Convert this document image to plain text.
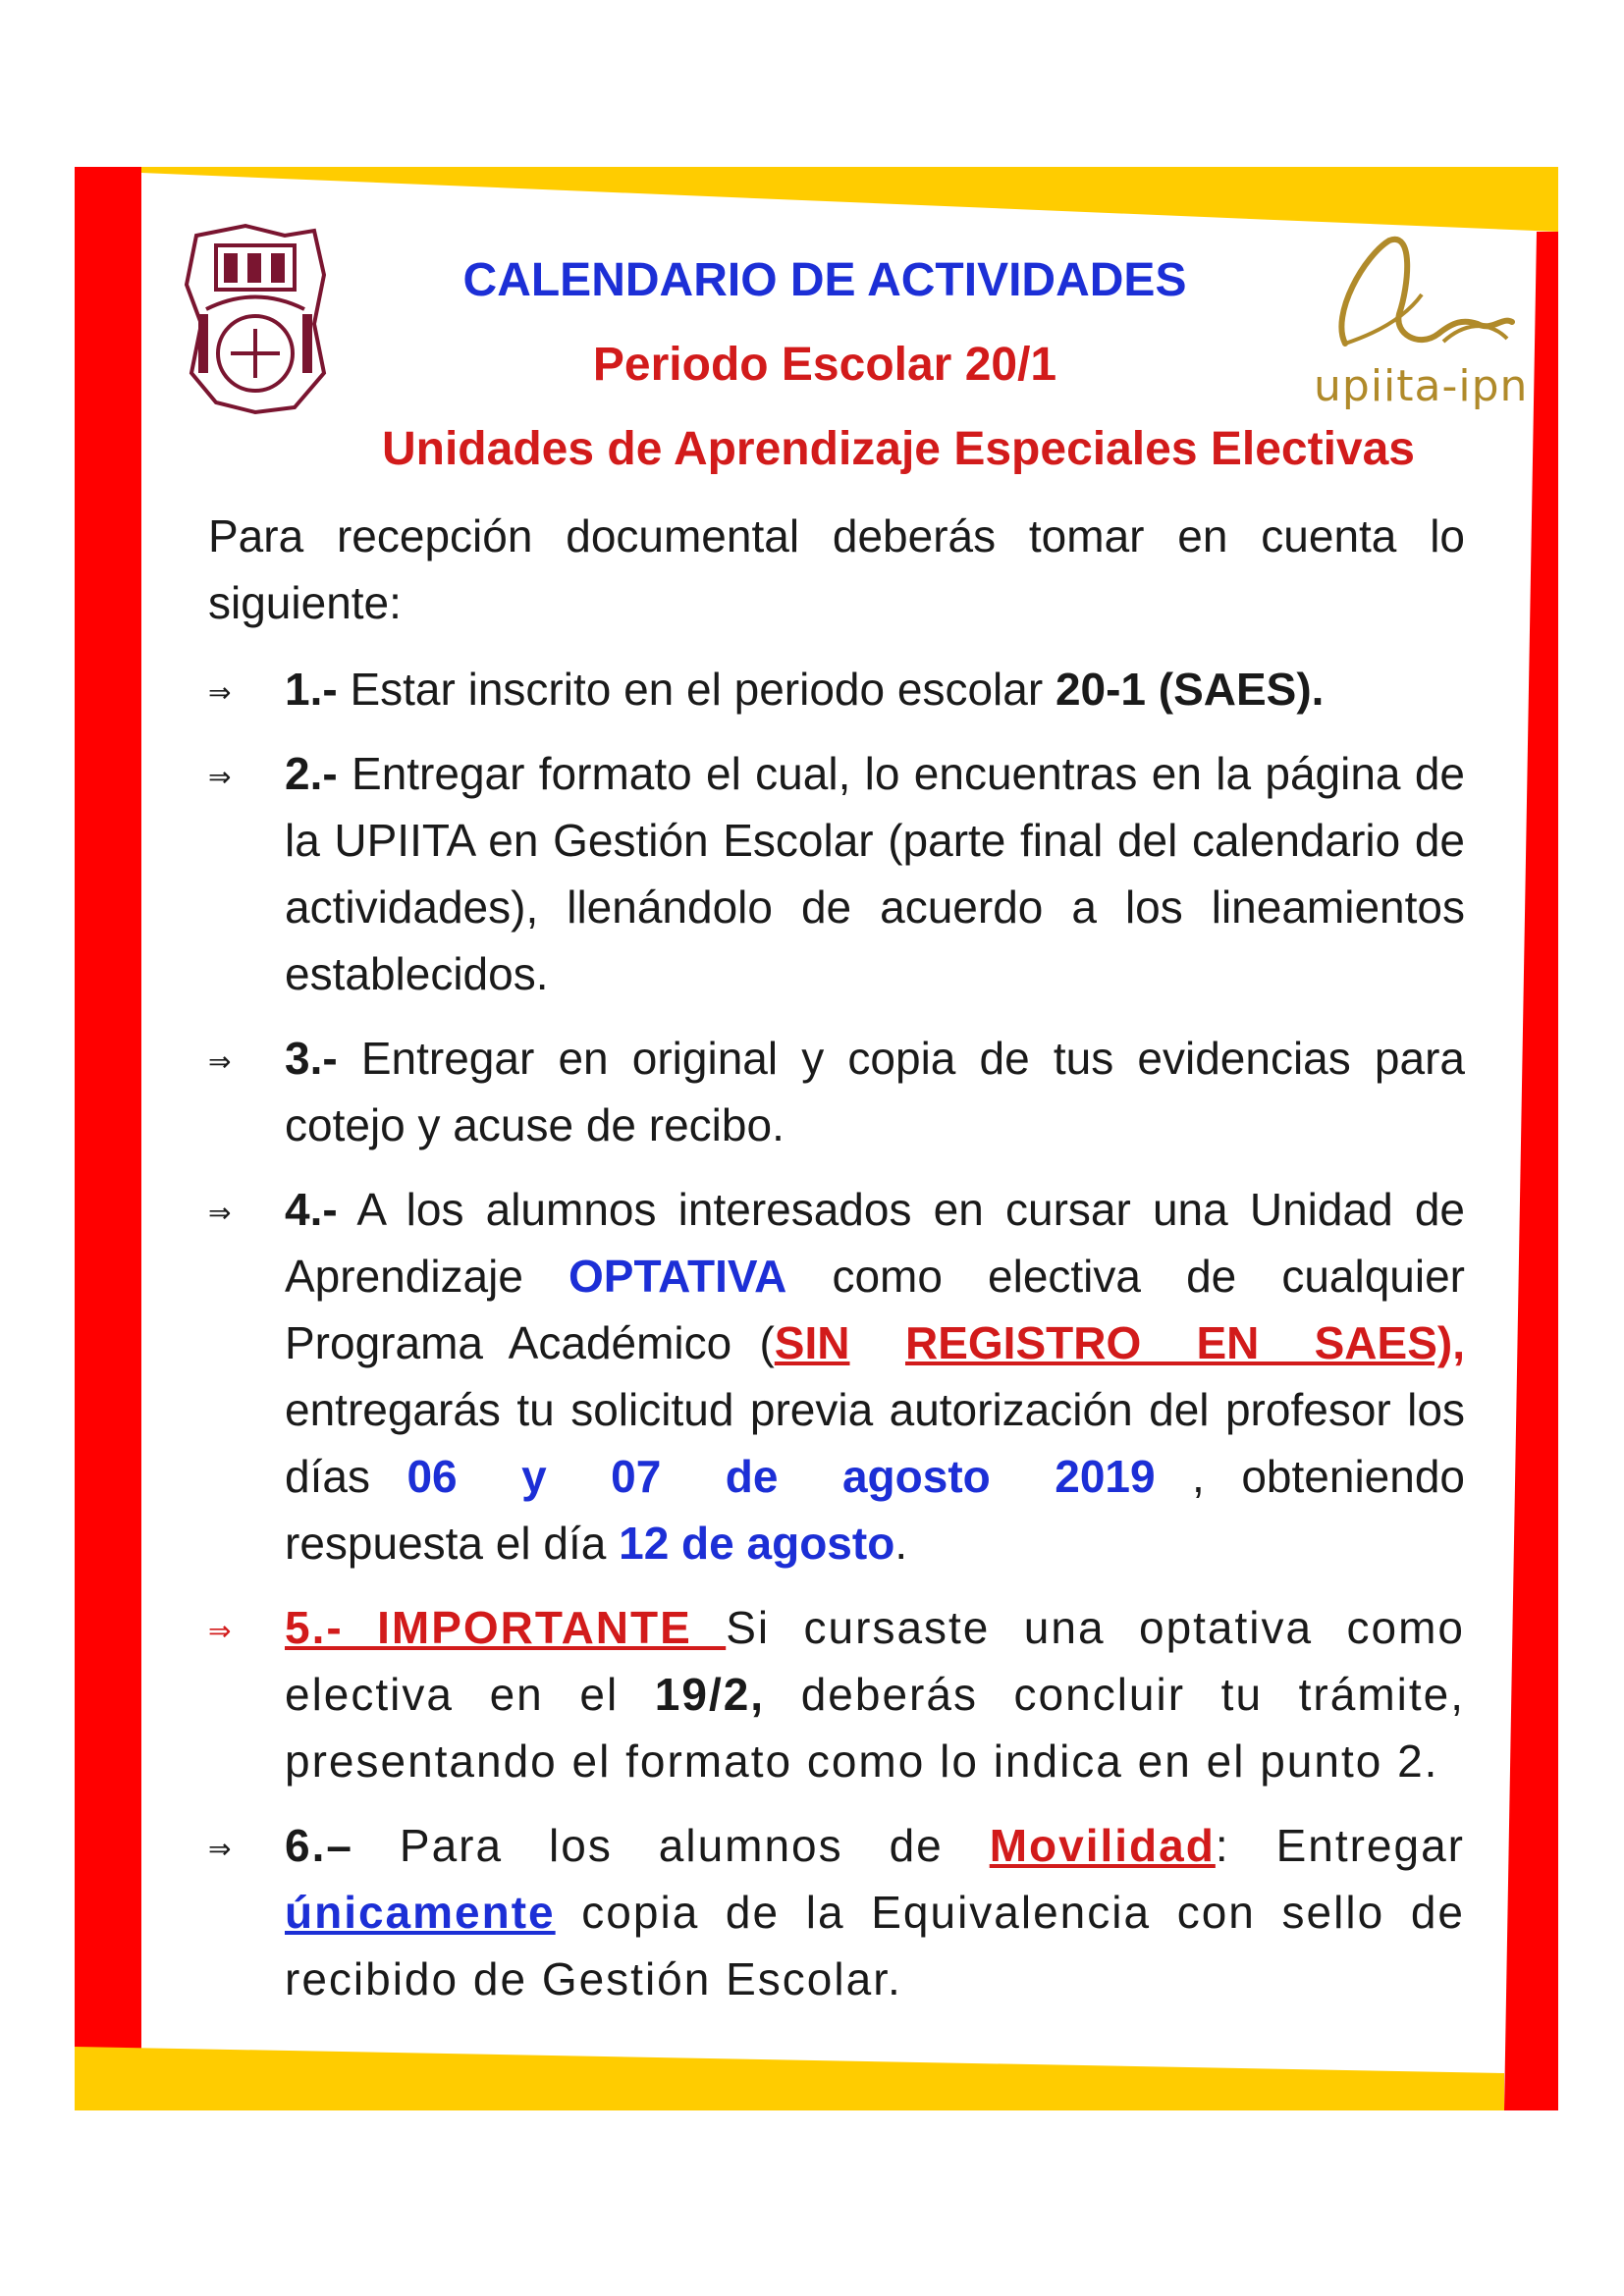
upiita-ipn
CALENDARIO DE ACTIVIDADES
Periodo Escolar 20/1
Unidades de Aprendizaje Especiales Electivas
Para recepción documental deberás tomar en cuenta lo siguiente:
⇒ 1.- Estar inscrito en el periodo escolar 20-1 (SAES).
⇒ 2.- Entregar formato el cual, lo encuentras en la página de la UPIITA en Gestión Escolar (parte final del calendario de actividades), llenándolo de acuerdo a los lineamientos establecidos.
⇒ 3.- Entregar en original y copia de tus evidencias para cotejo y acuse de recibo.
⇒ 4.- A los alumnos interesados en cursar una Unidad de Aprendizaje OPTATIVA como electiva de cualquier Programa Académico (SIN REGISTRO EN SAES), entregarás tu solicitud previa autorización del profesor los días 06 y 07 de agosto 2019 , obteniendo respuesta el día 12 de agosto.
⇒ 5.- IMPORTANTE Si cursaste una optativa como electiva en el 19/2, deberás concluir tu trámite, presentando el formato como lo indica en el punto 2.
⇒ 6.– Para los alumnos de Movilidad: Entregar únicamente copia de la Equivalencia con sello de recibido de Gestión Escolar.
